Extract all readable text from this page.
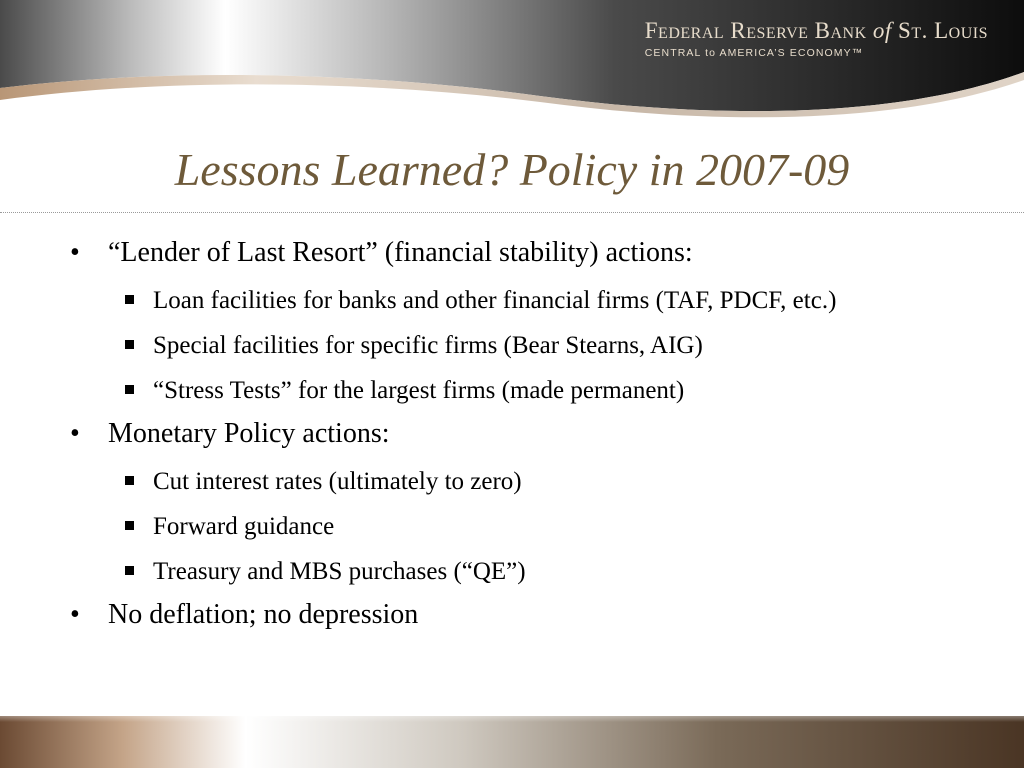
Federal Reserve Bank of St. Louis
CENTRAL to AMERICA’S ECONOMY™
Lessons Learned? Policy in 2007-09
• “Lender of Last Resort” (financial stability) actions:
Loan facilities for banks and other financial firms (TAF, PDCF, etc.)
Special facilities for specific firms (Bear Stearns, AIG)
“Stress Tests” for the largest firms (made permanent)
• Monetary Policy actions:
Cut interest rates (ultimately to zero)
Forward guidance
Treasury and MBS purchases (“QE”)
• No deflation; no depression
